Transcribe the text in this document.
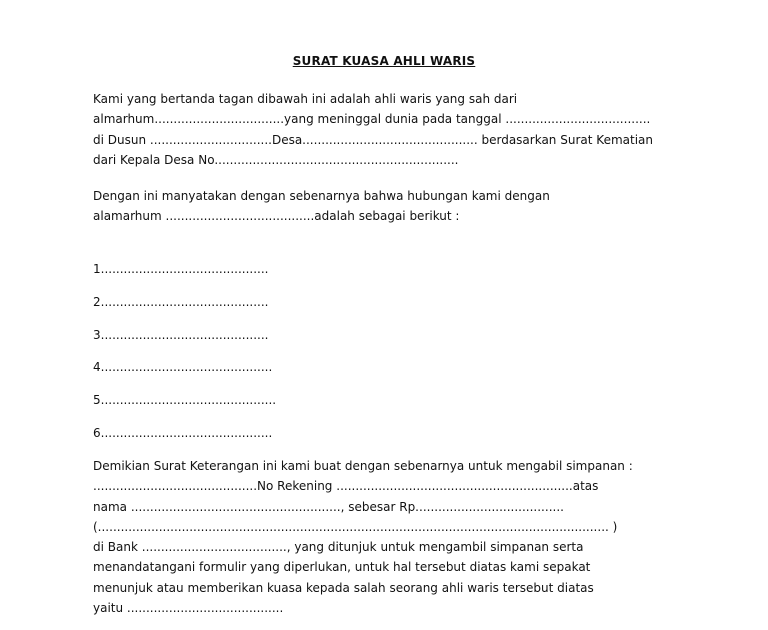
SURAT KUASA AHLI WARIS
Kami yang bertanda tagan dibawah ini adalah ahli waris yang sah dari
almarhum..................................yang meninggal dunia pada tanggal ......................................
di Dusun ................................Desa.............................................. berdasarkan Surat Kematian
dari Kepala Desa No................................................................
Dengan ini manyatakan dengan sebenarnya bahwa hubungan kami dengan
alamarhum .......................................adalah sebagai berikut :
1............................................
2............................................
3............................................
4.............................................
5..............................................
6.............................................
Demikian Surat Keterangan ini kami buat dengan sebenarnya untuk mengabil simpanan :
...........................................No Rekening ..............................................................atas
nama ......................................................., sebesar Rp.......................................
(...................................................................................................................................... )
di Bank ......................................, yang ditunjuk untuk mengambil simpanan serta
menandatangani formulir yang diperlukan, untuk hal tersebut diatas kami sepakat
menunjuk atau memberikan kuasa kepada salah seorang ahli waris tersebut diatas
yaitu .........................................
